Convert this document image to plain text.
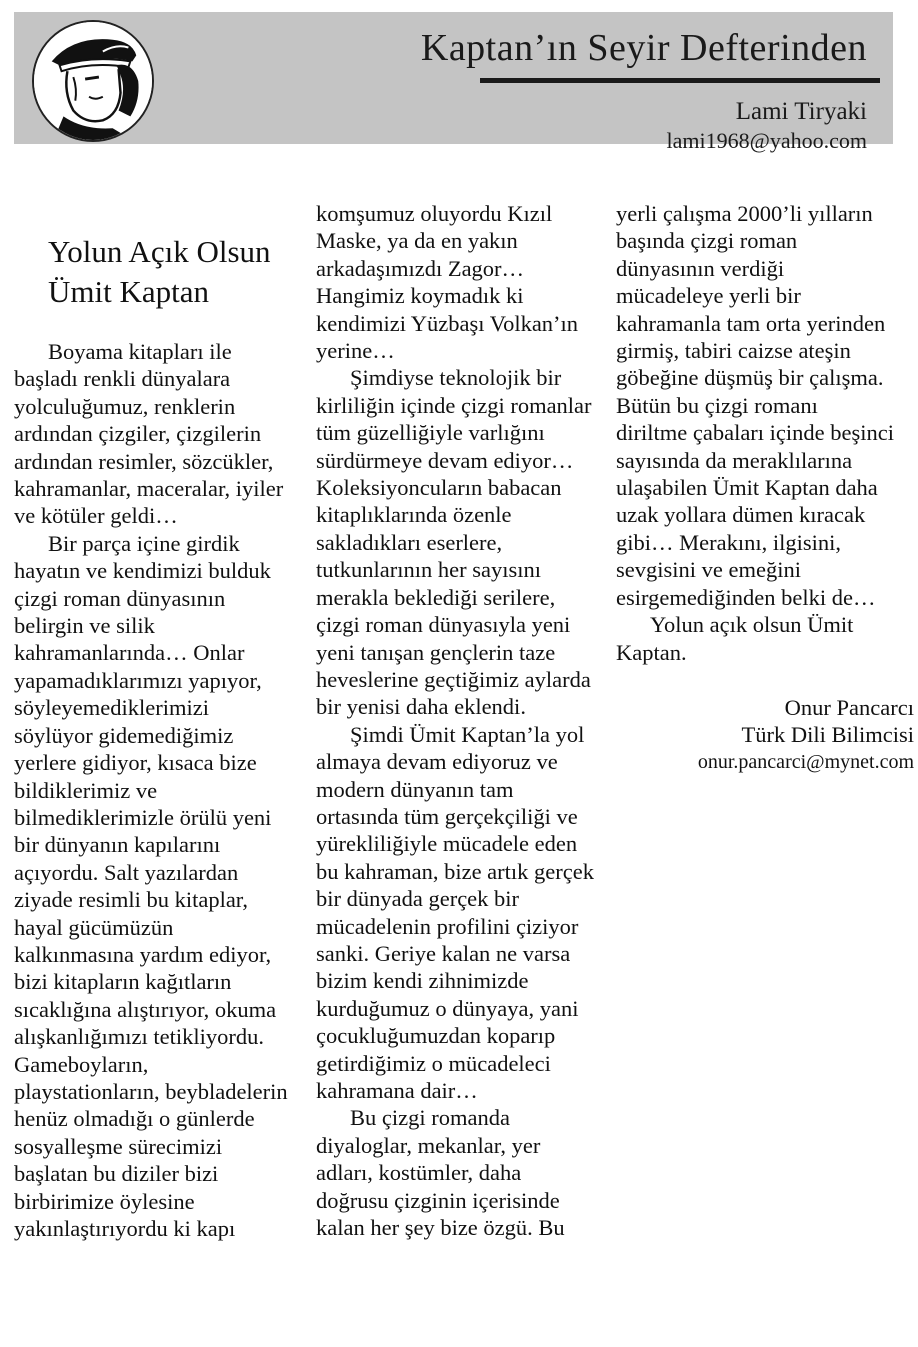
Kaptan’ın Seyir Defterinden
Lami Tiryaki
lami1968@yahoo.com
Yolun Açık Olsun Ümit Kaptan

Boyama kitapları ile başladı renkli dünyalara yolculuğumuz, renklerin ardından çizgiler, çizgilerin ardından resimler, sözcükler, kahramanlar, maceralar, iyiler ve kötüler geldi…

Bir parça içine girdik hayatın ve kendimizi bulduk çizgi roman dünyasının belirgin ve silik kahramanlarında… Onlar yapamadıklarımızı yapıyor, söyleyemediklerimizi söylüyor gidemediğimiz yerlere gidiyor, kısaca bize bildiklerimiz ve bilmediklerimizle örülü yeni bir dünyanın kapılarını açıyordu. Salt yazılardan ziyade resimli bu kitaplar, hayal gücümüzün kalkınmasına yardım ediyor, bizi kitapların kağıtların sıcaklığına alıştırıyor, okuma alışkanlığımızı tetikliyordu. Gameboyların, playstationların, beybladelerin henüz olmadığı o günlerde sosyalleşme sürecimizi başlatan bu diziler bizi birbirimize öylesine yakınlaştırıyordu ki kapı

komşumuz oluyordu Kızıl Maske, ya da en yakın arkadaşımızdı Zagor… Hangimiz koymadık ki kendimizi Yüzbaşı Volkan’ın yerine…

Şimdiyse teknolojik bir kirliliğin içinde çizgi romanlar tüm güzelliğiyle varlığını sürdürmeye devam ediyor… Koleksiyoncuların babacan kitaplıklarında özenle sakladıkları eserlere, tutkunlarının her sayısını merakla beklediği serilere, çizgi roman dünyasıyla yeni yeni tanışan gençlerin taze heveslerine geçtiğimiz aylarda bir yenisi daha eklendi.

Şimdi Ümit Kaptan’la yol almaya devam ediyoruz ve modern dünyanın tam ortasında tüm gerçekçiliği ve yürekliliğiyle mücadele eden bu kahraman, bize artık gerçek bir dünyada gerçek bir mücadelenin profilini çiziyor sanki. Geriye kalan ne varsa bizim kendi zihnimizde kurduğumuz o dünyaya, yani çocukluğumuzdan koparıp getirdiğimiz o mücadeleci kahramana dair…

Bu çizgi romanda diyaloglar, mekanlar, yer adları, kostümler, daha doğrusu çizginin içerisinde kalan her şey bize özgü. Bu

yerli çalışma 2000’li yılların başında çizgi roman dünyasının verdiği mücadeleye yerli bir kahramanla tam orta yerinden girmiş, tabiri caizse ateşin göbeğine düşmüş bir çalışma. Bütün bu çizgi romanı diriltme çabaları içinde beşinci sayısında da meraklılarına ulaşabilen Ümit Kaptan daha uzak yollara dümen kıracak gibi… Merakını, ilgisini, sevgisini ve emeğini esirgemediğinden belki de…

Yolun açık olsun Ümit Kaptan.

Onur Pancarcı
Türk Dili Bilimcisi
onur.pancarci@mynet.com
